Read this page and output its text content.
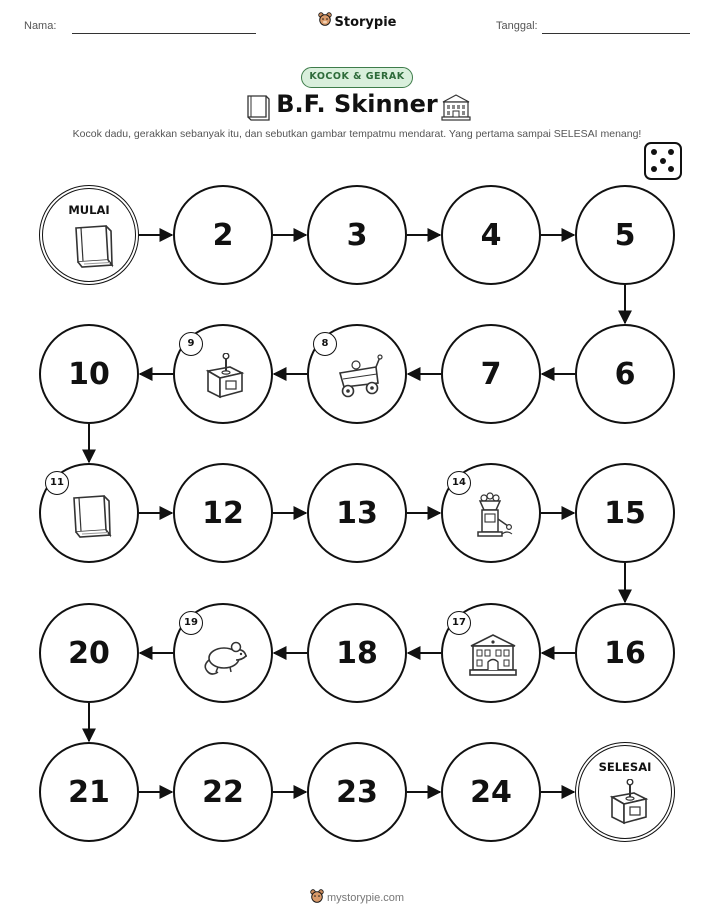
Nama:	Storypie	Tanggal:
KOCOK & GERAK
B.F. Skinner
Kocok dadu, gerakkan sebanyak itu, dan sebutkan gambar tempatmu mendarat. Yang pertama sampai SELESAI menang!
MULAI
2	3	4	5
6
7
8
9
10
11
12	13
14
15
16
17
18
19
20
21	22	23	24
SELESAI
mystorypie.com
